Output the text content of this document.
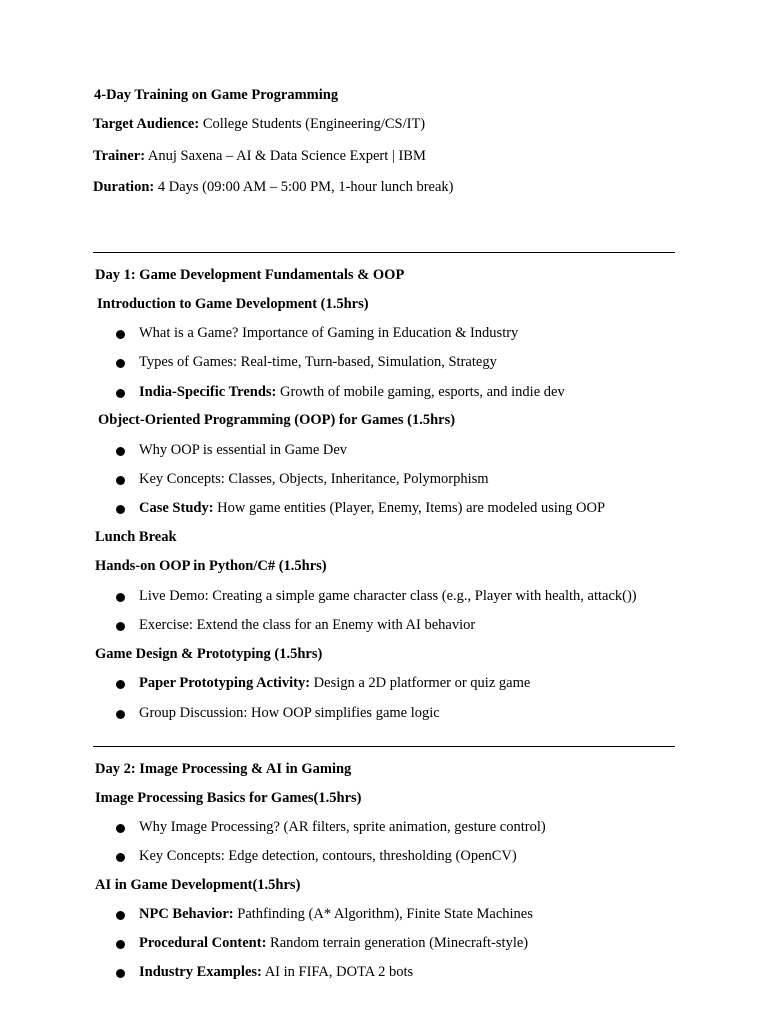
4-Day Training on Game Programming
Target Audience: College Students (Engineering/CS/IT)
Trainer: Anuj Saxena – AI & Data Science Expert | IBM
Duration: 4 Days (09:00 AM – 5:00 PM, 1-hour lunch break)
Day 1: Game Development Fundamentals & OOP
Introduction to Game Development (1.5hrs)
What is a Game? Importance of Gaming in Education & Industry
Types of Games: Real-time, Turn-based, Simulation, Strategy
India-Specific Trends: Growth of mobile gaming, esports, and indie dev
Object-Oriented Programming (OOP) for Games (1.5hrs)
Why OOP is essential in Game Dev
Key Concepts: Classes, Objects, Inheritance, Polymorphism
Case Study: How game entities (Player, Enemy, Items) are modeled using OOP
Lunch Break
Hands-on OOP in Python/C# (1.5hrs)
Live Demo: Creating a simple game character class (e.g., Player with health, attack())
Exercise: Extend the class for an Enemy with AI behavior
Game Design & Prototyping (1.5hrs)
Paper Prototyping Activity: Design a 2D platformer or quiz game
Group Discussion: How OOP simplifies game logic
Day 2: Image Processing & AI in Gaming
Image Processing Basics for Games(1.5hrs)
Why Image Processing? (AR filters, sprite animation, gesture control)
Key Concepts: Edge detection, contours, thresholding (OpenCV)
AI in Game Development(1.5hrs)
NPC Behavior: Pathfinding (A* Algorithm), Finite State Machines
Procedural Content: Random terrain generation (Minecraft-style)
Industry Examples: AI in FIFA, DOTA 2 bots
